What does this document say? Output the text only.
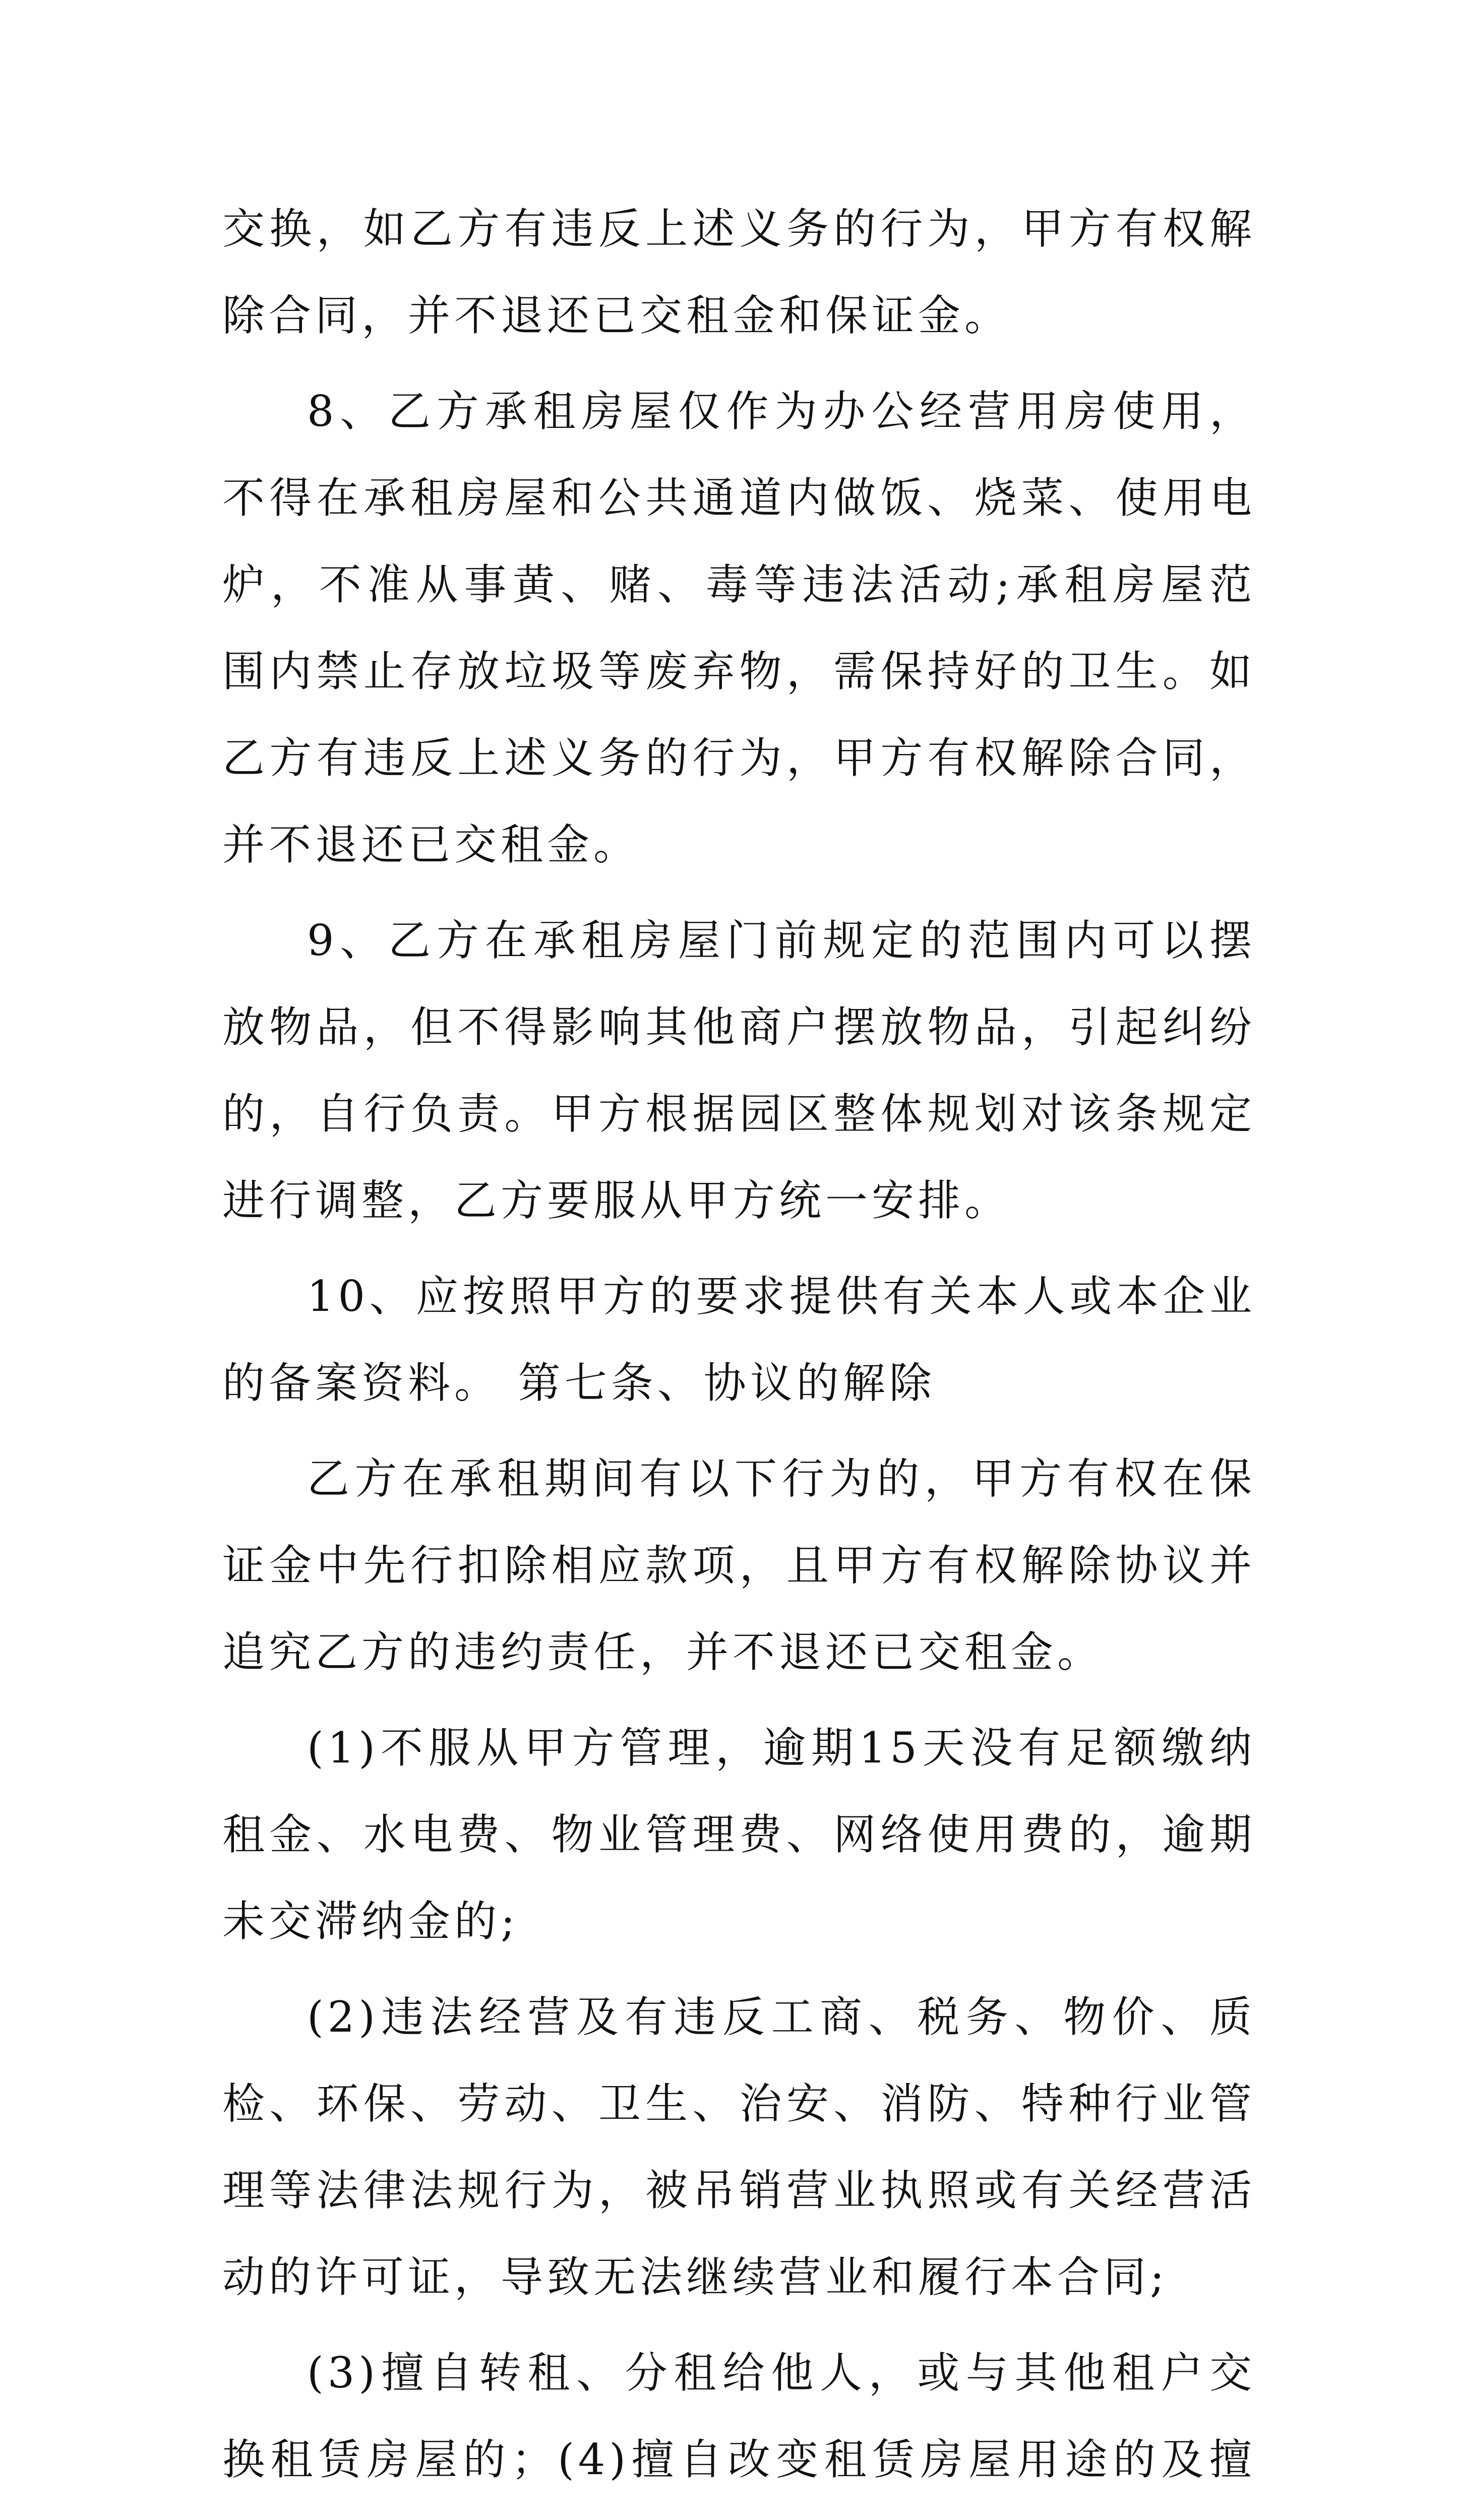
交换，如乙方有违反上述义务的行为，甲方有权解除合同，并不退还已交租金和保证金。

8、乙方承租房屋仅作为办公经营用房使用，不得在承租房屋和公共通道内做饭、烧菜、使用电炉，不准从事黄、赌、毒等违法活动;承租房屋范围内禁止存放垃圾等废弃物，需保持好的卫生。如乙方有违反上述义务的行为，甲方有权解除合同，并不退还已交租金。

9、乙方在承租房屋门前规定的范围内可以摆放物品，但不得影响其他商户摆放物品，引起纠纷的，自行负责。甲方根据园区整体规划对该条规定进行调整，乙方要服从甲方统一安排。

10、应按照甲方的要求提供有关本人或本企业的备案资料。 第七条、协议的解除

乙方在承租期间有以下行为的，甲方有权在保证金中先行扣除相应款项，且甲方有权解除协议并追究乙方的违约责任，并不退还已交租金。

(1)不服从甲方管理，逾期15天没有足额缴纳租金、水电费、物业管理费、网络使用费的，逾期未交滞纳金的;

(2)违法经营及有违反工商、税务、物价、质检、环保、劳动、卫生、治安、消防、特种行业管理等法律法规行为，被吊销营业执照或有关经营活动的许可证，导致无法继续营业和履行本合同;

(3)擅自转租、分租给他人，或与其他租户交换租赁房屋的；(4)擅自改变租赁房屋用途的及擅
